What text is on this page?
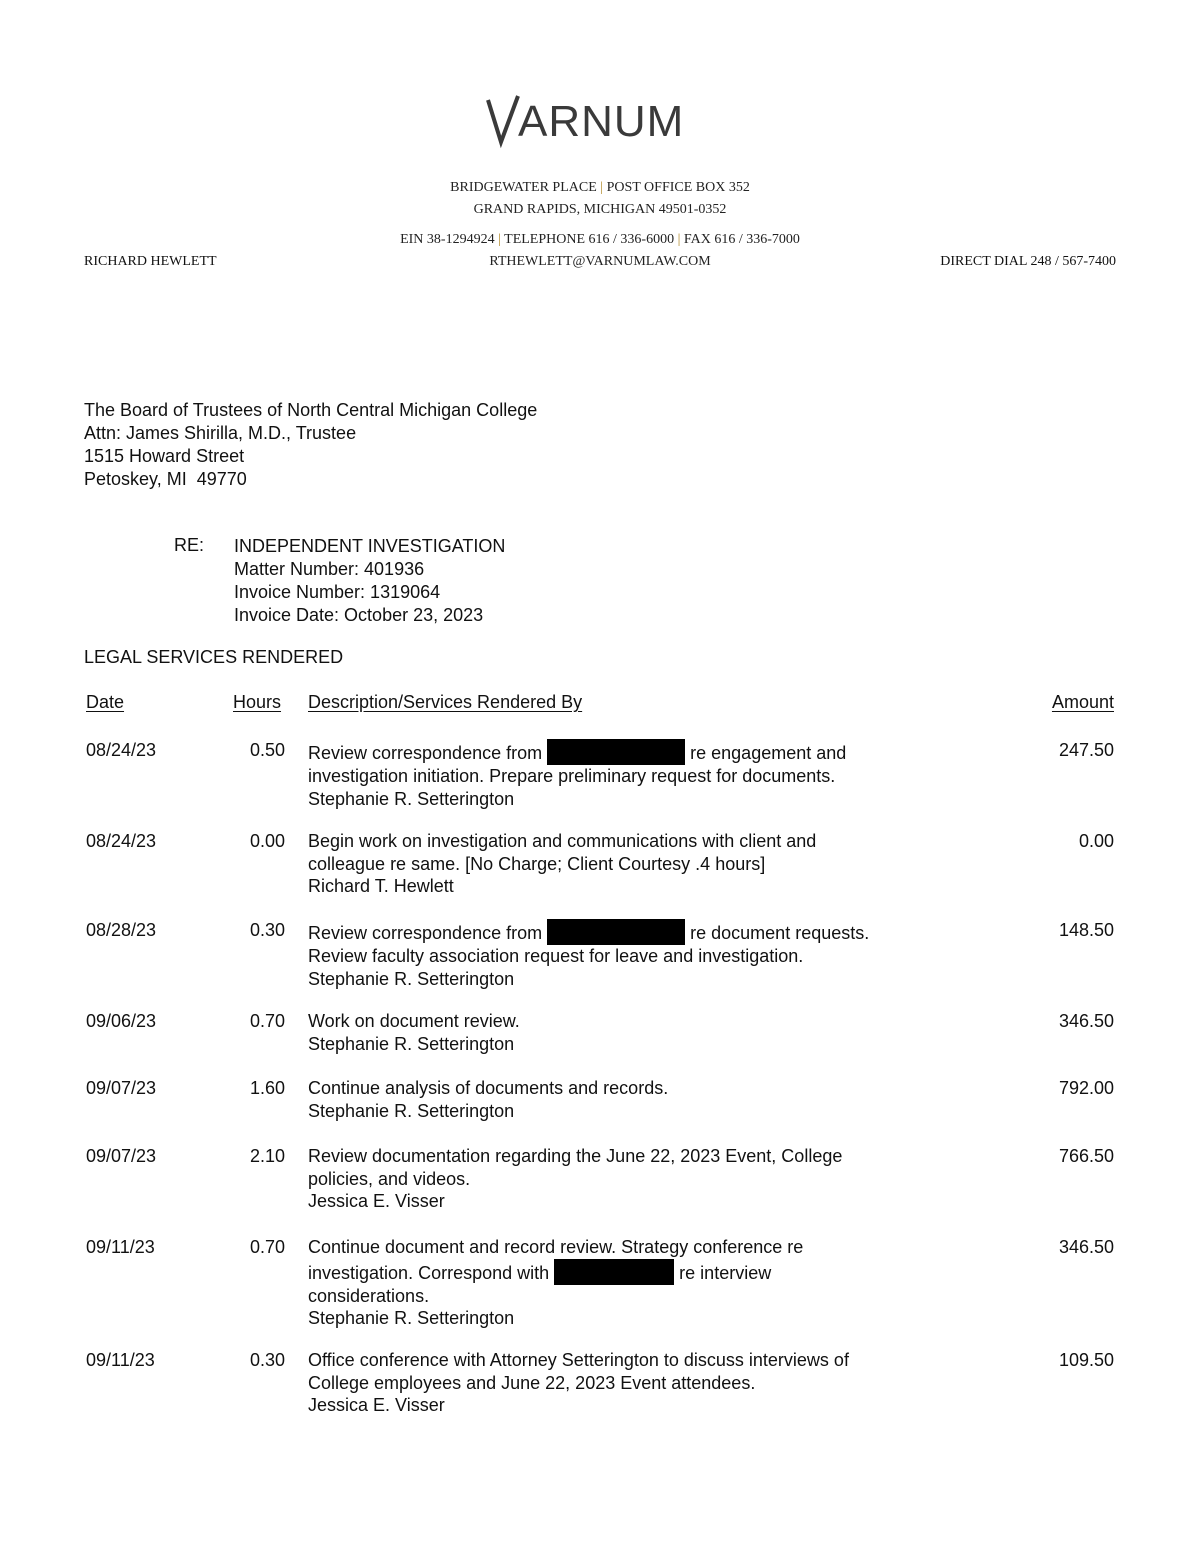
ARNUM
BRIDGEWATER PLACE | POST OFFICE BOX 352
GRAND RAPIDS, MICHIGAN 49501-0352
EIN 38-1294924 | TELEPHONE 616 / 336-6000 | FAX 616 / 336-7000
RTHEWLETT@VARNUMLAW.COM
RICHARD HEWLETT	DIRECT DIAL 248 / 567-7400
The Board of Trustees of North Central Michigan College
Attn: James Shirilla, M.D., Trustee
1515 Howard Street
Petoskey, MI  49770
RE: INDEPENDENT INVESTIGATION
Matter Number: 401936
Invoice Number: 1319064
Invoice Date: October 23, 2023
LEGAL SERVICES RENDERED
Date	Hours Description/Services Rendered By	Amount
08/24/23	0.50 Review correspondence from	re engagement and
investigation initiation. Prepare preliminary request for documents.
Stephanie R. Setterington
247.50
08/24/23	0.00 Begin work on investigation and communications with client and
colleague re same. [No Charge; Client Courtesy .4 hours]
Richard T. Hewlett
0.00
08/28/23	0.30 Review correspondence from	re document requests.
Review faculty association request for leave and investigation.
Stephanie R. Setterington
148.50
09/06/23	0.70 Work on document review.
Stephanie R. Setterington
346.50
09/07/23	1.60 Continue analysis of documents and records.
Stephanie R. Setterington
792.00
09/07/23	2.10 Review documentation regarding the June 22, 2023 Event, College
policies, and videos.
Jessica E. Visser
766.50
09/11/23	0.70 Continue document and record review. Strategy conference re
investigation. Correspond with	re interview
considerations.
Stephanie R. Setterington
346.50
09/11/23	0.30 Office conference with Attorney Setterington to discuss interviews of
College employees and June 22, 2023 Event attendees.
Jessica E. Visser
109.50
